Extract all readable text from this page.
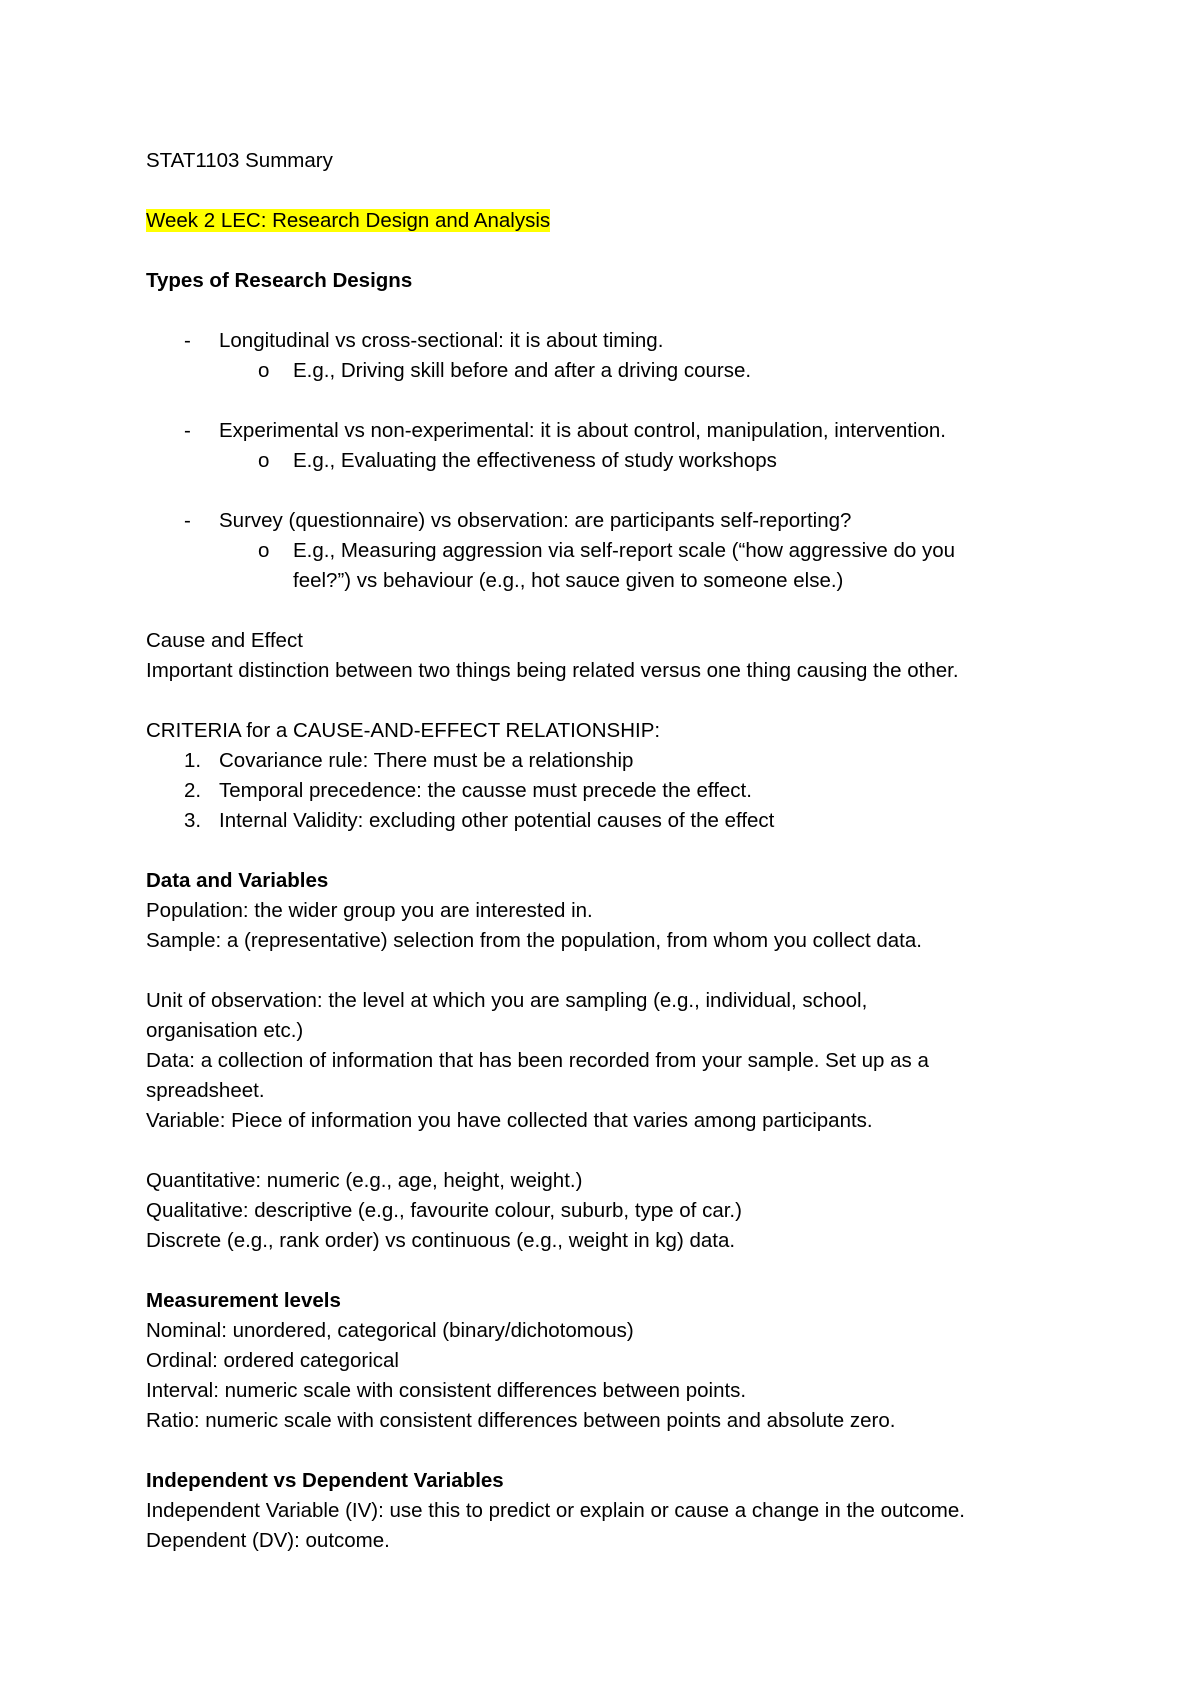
STAT1103 Summary
Week 2 LEC: Research Design and Analysis
Types of Research Designs
- Longitudinal vs cross-sectional: it is about timing.
o E.g., Driving skill before and after a driving course.
- Experimental vs non-experimental: it is about control, manipulation, intervention.
o E.g., Evaluating the effectiveness of study workshops
- Survey (questionnaire) vs observation: are participants self-reporting?
o E.g., Measuring aggression via self-report scale (“how aggressive do you feel?”) vs behaviour (e.g., hot sauce given to someone else.)
Cause and Effect
Important distinction between two things being related versus one thing causing the other.
CRITERIA for a CAUSE-AND-EFFECT RELATIONSHIP:
1. Covariance rule: There must be a relationship
2. Temporal precedence: the causse must precede the effect.
3. Internal Validity: excluding other potential causes of the effect
Data and Variables
Population: the wider group you are interested in.
Sample: a (representative) selection from the population, from whom you collect data.
Unit of observation: the level at which you are sampling (e.g., individual, school, organisation etc.)
Data: a collection of information that has been recorded from your sample. Set up as a spreadsheet.
Variable: Piece of information you have collected that varies among participants.
Quantitative: numeric (e.g., age, height, weight.)
Qualitative: descriptive (e.g., favourite colour, suburb, type of car.)
Discrete (e.g., rank order) vs continuous (e.g., weight in kg) data.
Measurement levels
Nominal: unordered, categorical (binary/dichotomous)
Ordinal: ordered categorical
Interval: numeric scale with consistent differences between points.
Ratio: numeric scale with consistent differences between points and absolute zero.
Independent vs Dependent Variables
Independent Variable (IV): use this to predict or explain or cause a change in the outcome.
Dependent (DV): outcome.
